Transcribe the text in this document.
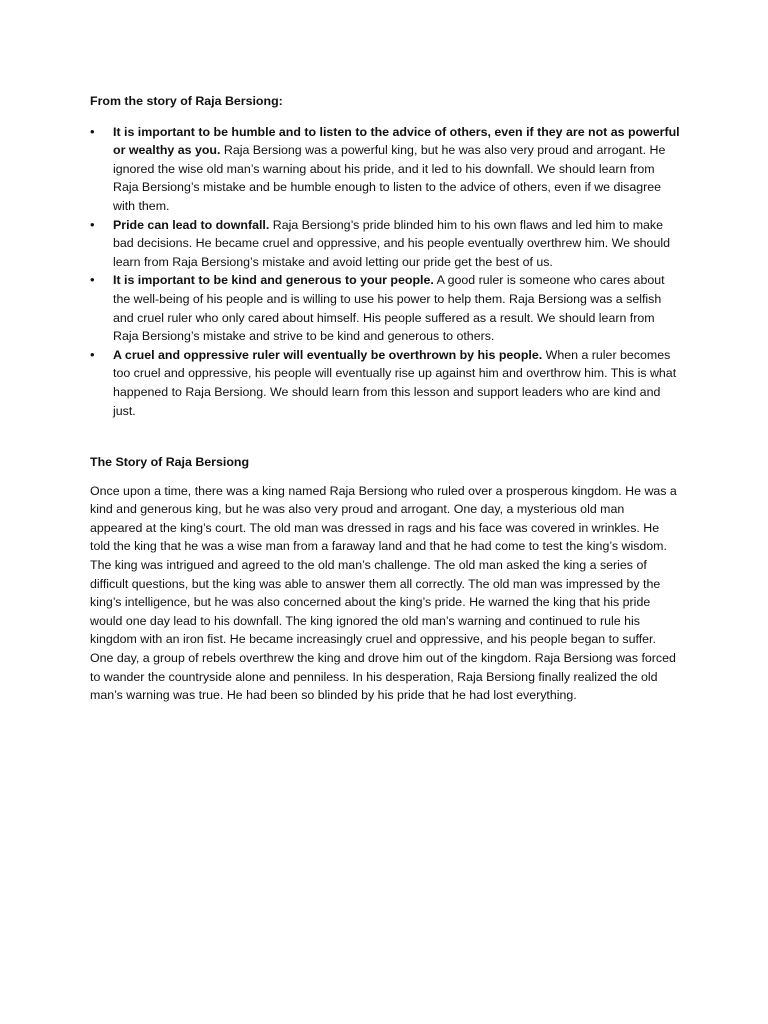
From the story of Raja Bersiong:

• It is important to be humble and to listen to the advice of others, even if they are not as powerful or wealthy as you. Raja Bersiong was a powerful king, but he was also very proud and arrogant. He ignored the wise old man’s warning about his pride, and it led to his downfall. We should learn from Raja Bersiong’s mistake and be humble enough to listen to the advice of others, even if we disagree with them.
• Pride can lead to downfall. Raja Bersiong’s pride blinded him to his own flaws and led him to make bad decisions. He became cruel and oppressive, and his people eventually overthrew him. We should learn from Raja Bersiong’s mistake and avoid letting our pride get the best of us.
• It is important to be kind and generous to your people. A good ruler is someone who cares about the well-being of his people and is willing to use his power to help them. Raja Bersiong was a selfish and cruel ruler who only cared about himself. His people suffered as a result. We should learn from Raja Bersiong’s mistake and strive to be kind and generous to others.
• A cruel and oppressive ruler will eventually be overthrown by his people. When a ruler becomes too cruel and oppressive, his people will eventually rise up against him and overthrow him. This is what happened to Raja Bersiong. We should learn from this lesson and support leaders who are kind and just.

The Story of Raja Bersiong

Once upon a time, there was a king named Raja Bersiong who ruled over a prosperous kingdom. He was a kind and generous king, but he was also very proud and arrogant. One day, a mysterious old man appeared at the king’s court. The old man was dressed in rags and his face was covered in wrinkles. He told the king that he was a wise man from a faraway land and that he had come to test the king’s wisdom. The king was intrigued and agreed to the old man’s challenge. The old man asked the king a series of difficult questions, but the king was able to answer them all correctly. The old man was impressed by the king’s intelligence, but he was also concerned about the king’s pride. He warned the king that his pride would one day lead to his downfall. The king ignored the old man’s warning and continued to rule his kingdom with an iron fist. He became increasingly cruel and oppressive, and his people began to suffer. One day, a group of rebels overthrew the king and drove him out of the kingdom. Raja Bersiong was forced to wander the countryside alone and penniless. In his desperation, Raja Bersiong finally realized the old man’s warning was true. He had been so blinded by his pride that he had lost everything.
